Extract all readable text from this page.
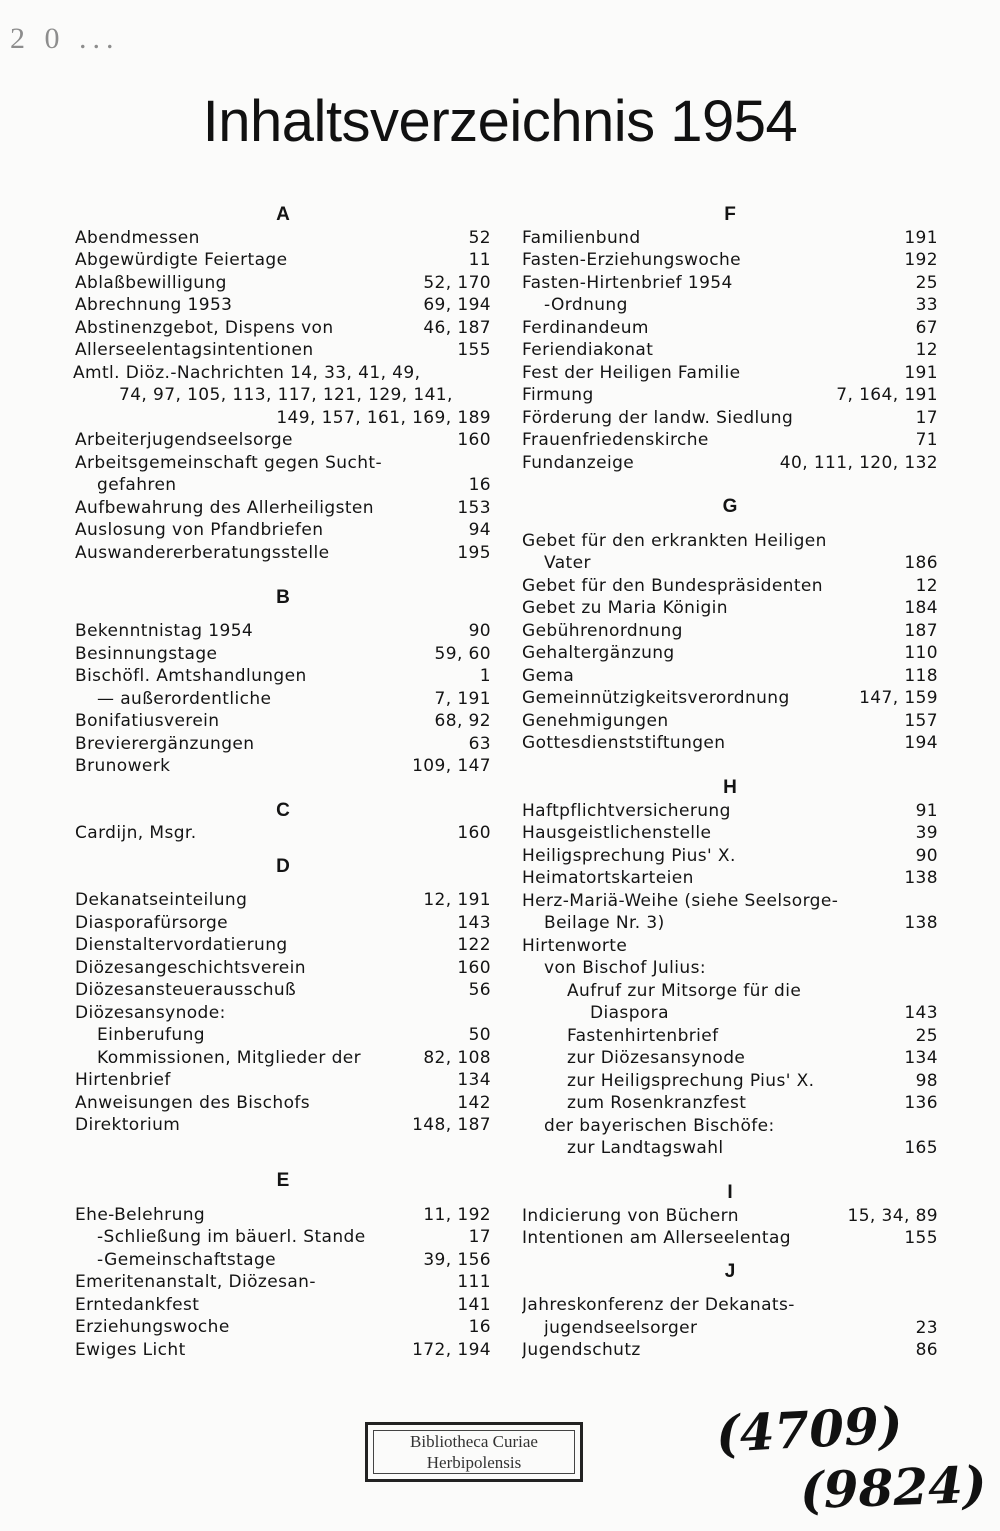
2 0 ...
Inhaltsverzeichnis 1954
A
Abendmessen	52
Abgewürdigte Feiertage	11
Ablaßbewilligung	52, 170
Abrechnung 1953	69, 194
Abstinenzgebot, Dispens von	46, 187
Allerseelentagsintentionen	155
Amtl. Diöz.-Nachrichten 14, 33, 41, 49,
74, 97, 105, 113, 117, 121, 129, 141,
149, 157, 161, 169, 189
Arbeiterjugendseelsorge	160
Arbeitsgemeinschaft gegen Sucht-
gefahren	16
Aufbewahrung des Allerheiligsten	153
Auslosung von Pfandbriefen	94
Auswandererberatungsstelle	195
B
Bekenntnistag 1954	90
Besinnungstage	59, 60
Bischöfl. Amtshandlungen	1
— außerordentliche	7, 191
Bonifatiusverein	68, 92
Brevierergänzungen	63
Brunowerk	109, 147
C
Cardijn, Msgr.	160
D
Dekanatseinteilung	12, 191
Diasporafürsorge	143
Dienstaltervordatierung	122
Diözesangeschichtsverein	160
Diözesansteuerausschuß	56
Diözesansynode:
Einberufung	50
Kommissionen, Mitglieder der	82, 108
Hirtenbrief	134
Anweisungen des Bischofs	142
Direktorium	148, 187
E
Ehe-Belehrung	11, 192
-Schließung im bäuerl. Stande	17
-Gemeinschaftstage	39, 156
Emeritenanstalt, Diözesan-	111
Erntedankfest	141
Erziehungswoche	16
Ewiges Licht	172, 194
F
Familienbund	191
Fasten-Erziehungswoche	192
Fasten-Hirtenbrief 1954	25
-Ordnung	33
Ferdinandeum	67
Feriendiakonat	12
Fest der Heiligen Familie	191
Firmung	7, 164, 191
Förderung der landw. Siedlung	17
Frauenfriedenskirche	71
Fundanzeige	40, 111, 120, 132
G
Gebet für den erkrankten Heiligen
Vater	186
Gebet für den Bundespräsidenten	12
Gebet zu Maria Königin	184
Gebührenordnung	187
Gehaltergänzung	110
Gema	118
Gemeinnützigkeitsverordnung	147, 159
Genehmigungen	157
Gottesdienststiftungen	194
H
Haftpflichtversicherung	91
Hausgeistlichenstelle	39
Heiligsprechung Pius' X.	90
Heimatortskarteien	138
Herz-Mariä-Weihe (siehe Seelsorge-
Beilage Nr. 3)	138
Hirtenworte
von Bischof Julius:
Aufruf zur Mitsorge für die
Diaspora	143
Fastenhirtenbrief	25
zur Diözesansynode	134
zur Heiligsprechung Pius' X.	98
zum Rosenkranzfest	136
der bayerischen Bischöfe:
zur Landtagswahl	165
I
Indicierung von Büchern	15, 34, 89
Intentionen am Allerseelentag	155
J
Jahreskonferenz der Dekanats-
jugendseelsorger	23
Jugendschutz	86
Bibliotheca Curiae
Herbipolensis	(4709)
(9824)
